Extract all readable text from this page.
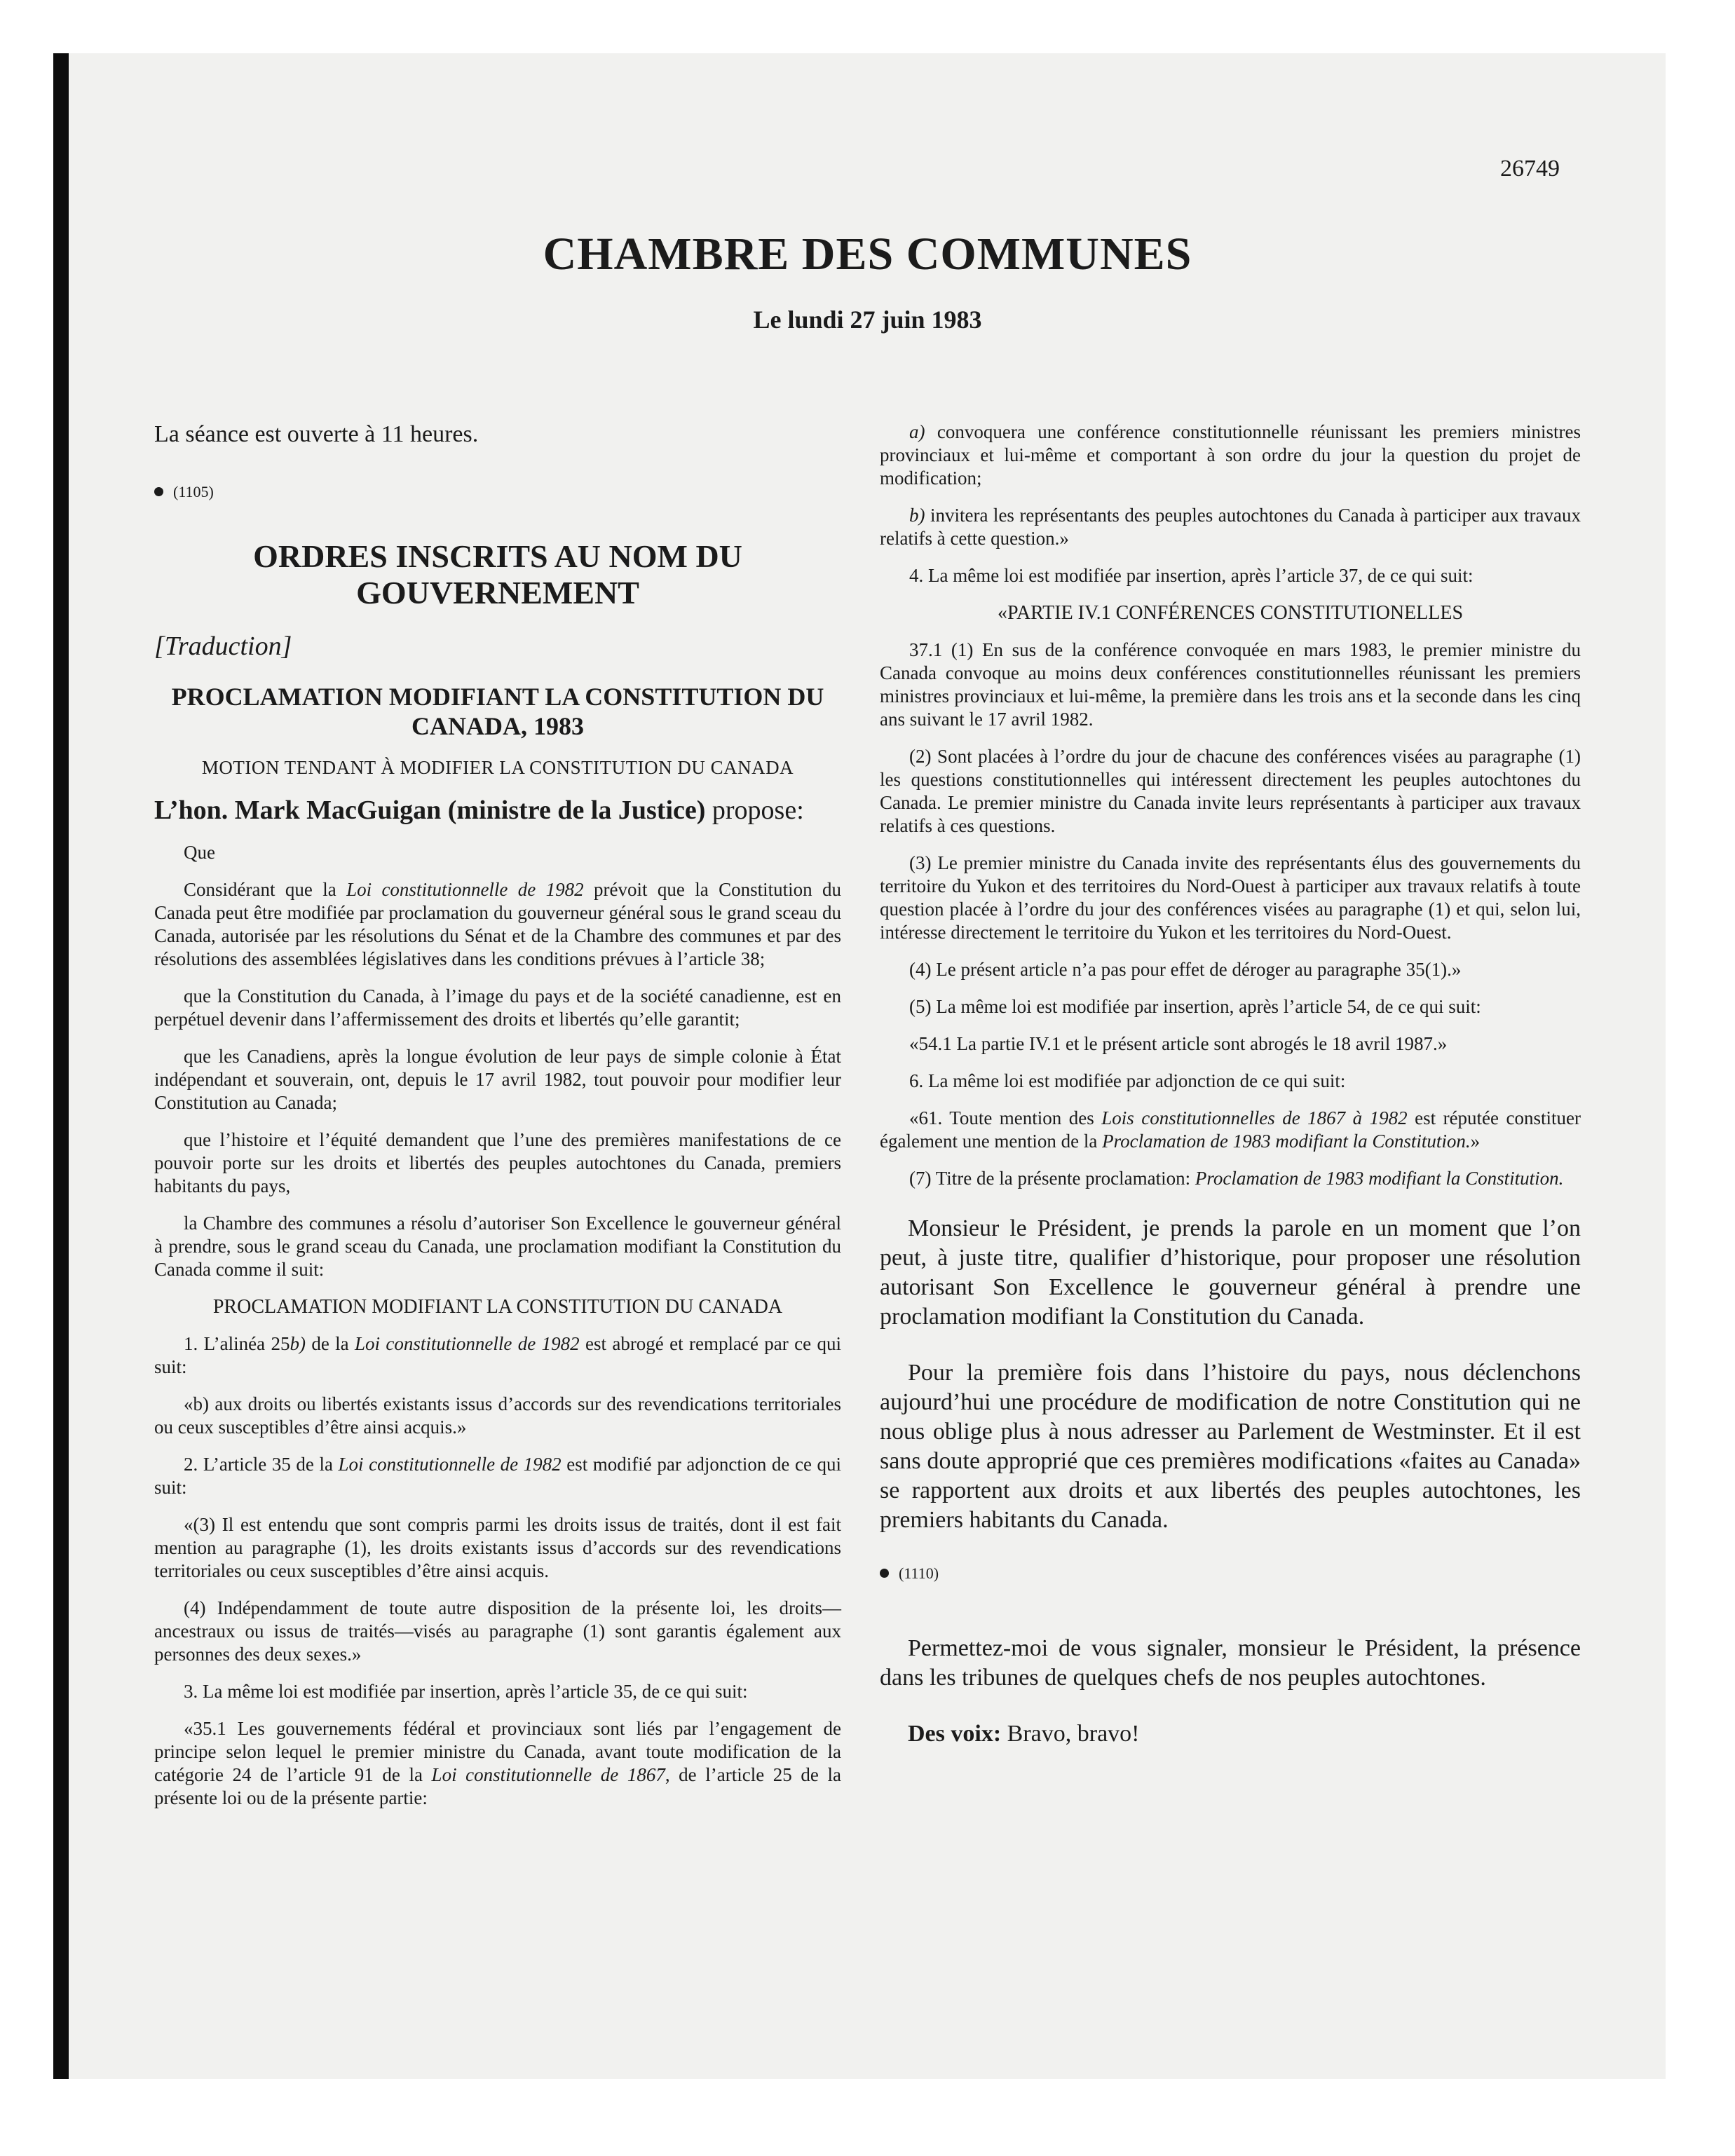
26749
CHAMBRE DES COMMUNES
Le lundi 27 juin 1983

La séance est ouverte à 11 heures.

(1105)

ORDRES INSCRITS AU NOM DU GOUVERNEMENT

[Traduction]

PROCLAMATION MODIFIANT LA CONSTITUTION DU CANADA, 1983

MOTION TENDANT À MODIFIER LA CONSTITUTION DU CANADA

L’hon. Mark MacGuigan (ministre de la Justice) propose:

Que

Considérant que la Loi constitutionnelle de 1982 prévoit que la Constitution du Canada peut être modifiée par proclamation du gouverneur général sous le grand sceau du Canada, autorisée par les résolutions du Sénat et de la Chambre des communes et par des résolutions des assemblées législatives dans les conditions prévues à l’article 38;

que la Constitution du Canada, à l’image du pays et de la société canadienne, est en perpétuel devenir dans l’affermissement des droits et libertés qu’elle garantit;

que les Canadiens, après la longue évolution de leur pays de simple colonie à État indépendant et souverain, ont, depuis le 17 avril 1982, tout pouvoir pour modifier leur Constitution au Canada;

que l’histoire et l’équité demandent que l’une des premières manifestations de ce pouvoir porte sur les droits et libertés des peuples autochtones du Canada, premiers habitants du pays,

la Chambre des communes a résolu d’autoriser Son Excellence le gouverneur général à prendre, sous le grand sceau du Canada, une proclamation modifiant la Constitution du Canada comme il suit:

PROCLAMATION MODIFIANT LA CONSTITUTION DU CANADA

1. L’alinéa 25b) de la Loi constitutionnelle de 1982 est abrogé et remplacé par ce qui suit:

«b) aux droits ou libertés existants issus d’accords sur des revendications territoriales ou ceux susceptibles d’être ainsi acquis.»

2. L’article 35 de la Loi constitutionnelle de 1982 est modifié par adjonction de ce qui suit:

«(3) Il est entendu que sont compris parmi les droits issus de traités, dont il est fait mention au paragraphe (1), les droits existants issus d’accords sur des revendications territoriales ou ceux susceptibles d’être ainsi acquis.

(4) Indépendamment de toute autre disposition de la présente loi, les droits—ancestraux ou issus de traités—visés au paragraphe (1) sont garantis également aux personnes des deux sexes.»

3. La même loi est modifiée par insertion, après l’article 35, de ce qui suit:

«35.1 Les gouvernements fédéral et provinciaux sont liés par l’engagement de principe selon lequel le premier ministre du Canada, avant toute modification de la catégorie 24 de l’article 91 de la Loi constitutionnelle de 1867, de l’article 25 de la présente loi ou de la présente partie:

a) convoquera une conférence constitutionnelle réunissant les premiers ministres provinciaux et lui-même et comportant à son ordre du jour la question du projet de modification;

b) invitera les représentants des peuples autochtones du Canada à participer aux travaux relatifs à cette question.»

4. La même loi est modifiée par insertion, après l’article 37, de ce qui suit:

«PARTIE IV.1 CONFÉRENCES CONSTITUTIONELLES

37.1 (1) En sus de la conférence convoquée en mars 1983, le premier ministre du Canada convoque au moins deux conférences constitutionnelles réunissant les premiers ministres provinciaux et lui-même, la première dans les trois ans et la seconde dans les cinq ans suivant le 17 avril 1982.

(2) Sont placées à l’ordre du jour de chacune des conférences visées au paragraphe (1) les questions constitutionnelles qui intéressent directement les peuples autochtones du Canada. Le premier ministre du Canada invite leurs représentants à participer aux travaux relatifs à ces questions.

(3) Le premier ministre du Canada invite des représentants élus des gouvernements du territoire du Yukon et des territoires du Nord-Ouest à participer aux travaux relatifs à toute question placée à l’ordre du jour des conférences visées au paragraphe (1) et qui, selon lui, intéresse directement le territoire du Yukon et les territoires du Nord-Ouest.

(4) Le présent article n’a pas pour effet de déroger au paragraphe 35(1).»

(5) La même loi est modifiée par insertion, après l’article 54, de ce qui suit:

«54.1 La partie IV.1 et le présent article sont abrogés le 18 avril 1987.»

6. La même loi est modifiée par adjonction de ce qui suit:

«61. Toute mention des Lois constitutionnelles de 1867 à 1982 est réputée constituer également une mention de la Proclamation de 1983 modifiant la Constitution.»

(7) Titre de la présente proclamation: Proclamation de 1983 modifiant la Constitution.

Monsieur le Président, je prends la parole en un moment que l’on peut, à juste titre, qualifier d’historique, pour proposer une résolution autorisant Son Excellence le gouverneur général à prendre une proclamation modifiant la Constitution du Canada.

Pour la première fois dans l’histoire du pays, nous déclenchons aujourd’hui une procédure de modification de notre Constitution qui ne nous oblige plus à nous adresser au Parlement de Westminster. Et il est sans doute approprié que ces premières modifications «faites au Canada» se rapportent aux droits et aux libertés des peuples autochtones, les premiers habitants du Canada.

(1110)

Permettez-moi de vous signaler, monsieur le Président, la présence dans les tribunes de quelques chefs de nos peuples autochtones.

Des voix: Bravo, bravo!
